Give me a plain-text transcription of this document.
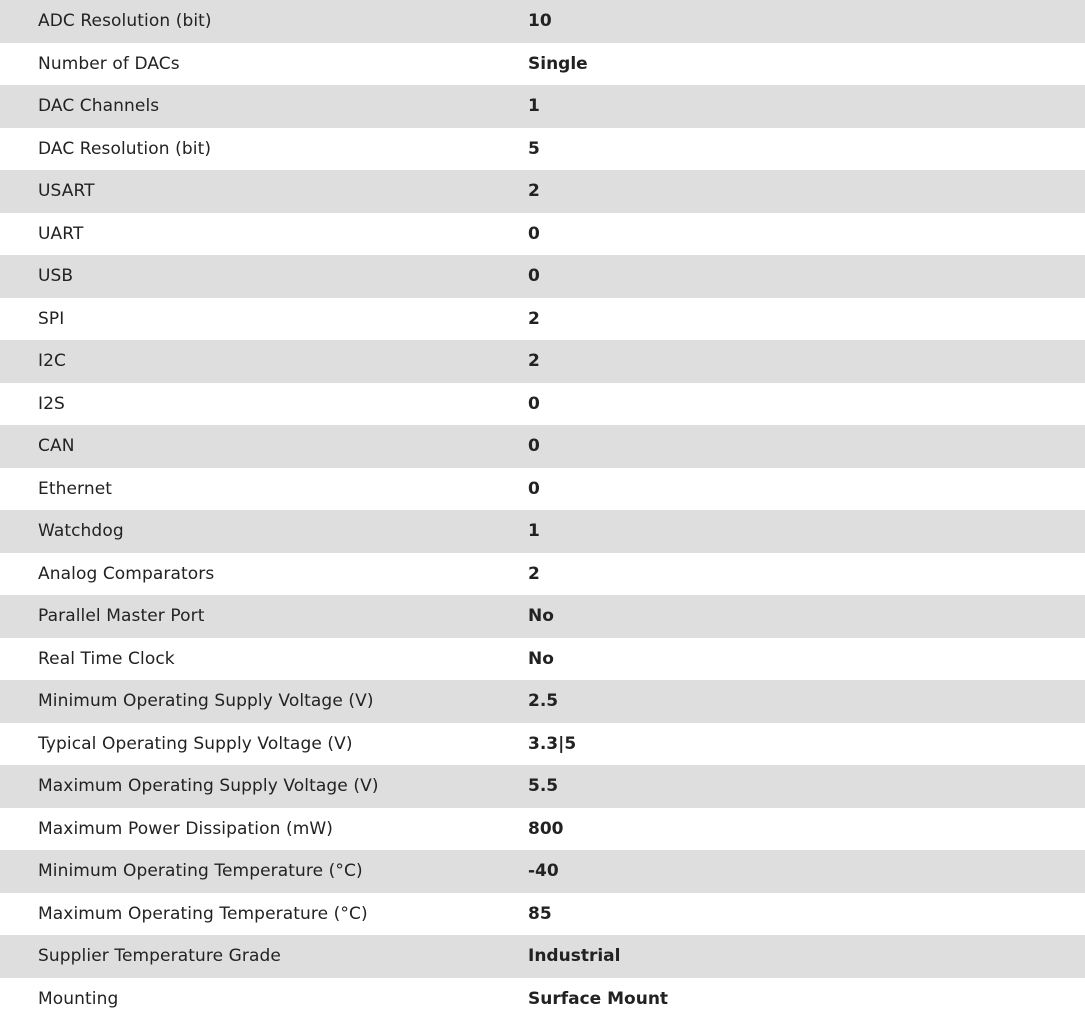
ADC Resolution (bit)	10
Number of DACs	Single
DAC Channels	1
DAC Resolution (bit)	5
USART	2
UART	0
USB	0
SPI	2
I2C	2
I2S	0
CAN	0
Ethernet	0
Watchdog	1
Analog Comparators	2
Parallel Master Port	No
Real Time Clock	No
Minimum Operating Supply Voltage (V)	2.5
Typical Operating Supply Voltage (V)	3.3|5
Maximum Operating Supply Voltage (V)	5.5
Maximum Power Dissipation (mW)	800
Minimum Operating Temperature (°C)	-40
Maximum Operating Temperature (°C)	85
Supplier Temperature Grade	Industrial
Mounting	Surface Mount
